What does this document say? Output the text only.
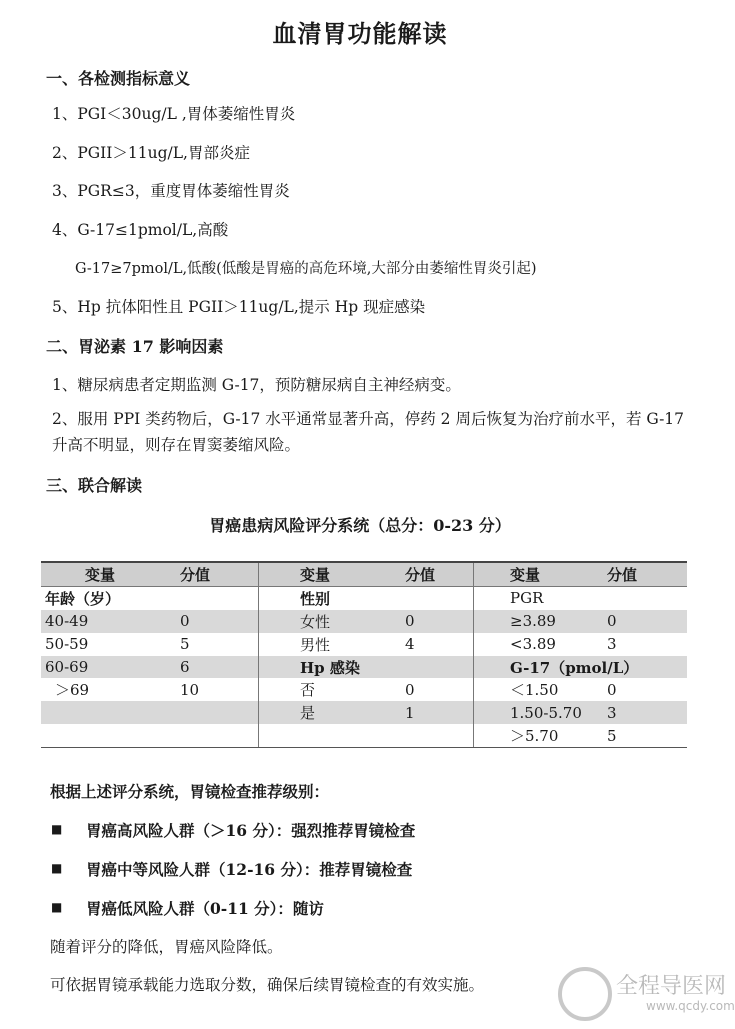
血清胃功能解读
一、各检测指标意义
1、PGI＜30ug/L ,胃体萎缩性胃炎
2、PGII＞11ug/L,胃部炎症
3、PGR≤3，重度胃体萎缩性胃炎
4、G-17≤1pmol/L,高酸
G-17≥7pmol/L,低酸(低酸是胃癌的高危环境,大部分由萎缩性胃炎引起)
5、Hp 抗体阳性且 PGII＞11ug/L,提示 Hp 现症感染
二、胃泌素 17 影响因素
1、糖尿病患者定期监测 G-17，预防糖尿病自主神经病变。
2、服用 PPI 类药物后，G-17 水平通常显著升高，停药 2 周后恢复为治疗前水平，若 G-17 升高不明显，则存在胃窦萎缩风险。
三、联合解读
胃癌患病风险评分系统（总分：0-23 分）
	变量	分值		变量	分值		变量	分值
年龄（岁）				性别			PGR	
40-49		0		女性	0		≥3.89	0
50-59		5		男性	4		<3.89	3
60-69		6		Hp 感染			G-17（pmol/L）	
＞69		10		否	0		＜1.50	0
				是	1		1.50-5.70	3
							＞5.70	5
根据上述评分系统，胃镜检查推荐级别：
■ 胃癌高风险人群（＞16 分）：强烈推荐胃镜检查
■ 胃癌中等风险人群（12-16 分）：推荐胃镜检查
■ 胃癌低风险人群（0-11 分）：随访
随着评分的降低，胃癌风险降低。
可依据胃镜承载能力选取分数，确保后续胃镜检查的有效实施。	全程导医网
www.qcdy.com
